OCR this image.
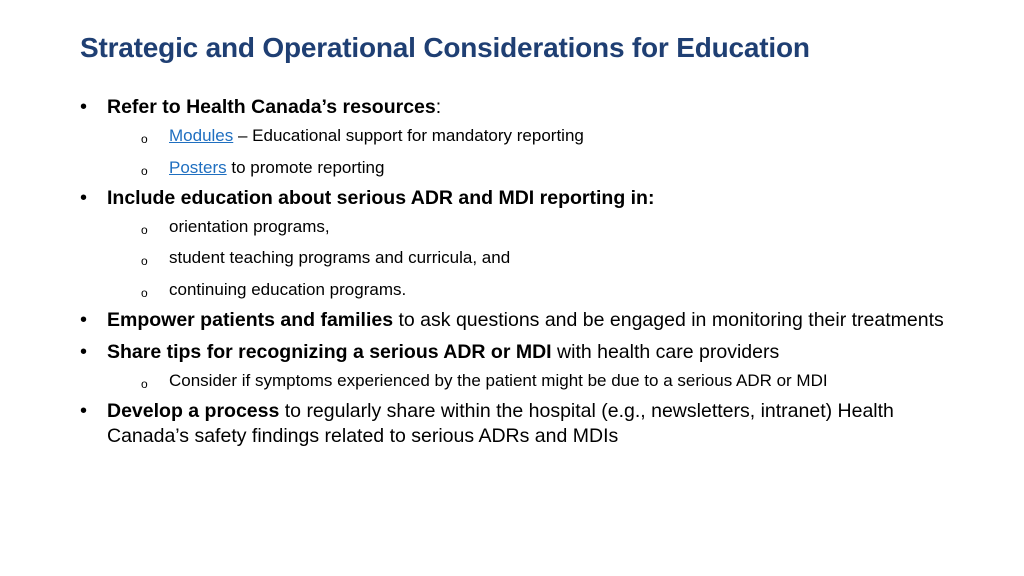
Strategic and Operational Considerations for Education
• Refer to Health Canada’s resources:
o Modules – Educational support for mandatory reporting
o Posters to promote reporting
• Include education about serious ADR and MDI reporting in:
o orientation programs,
o student teaching programs and curricula, and
o continuing education programs.
• Empower patients and families to ask questions and be engaged in monitoring their treatments
• Share tips for recognizing a serious ADR or MDI with health care providers
o Consider if symptoms experienced by the patient might be due to a serious ADR or MDI
• Develop a process to regularly share within the hospital (e.g., newsletters, intranet) Health Canada’s safety findings related to serious ADRs and MDIs
